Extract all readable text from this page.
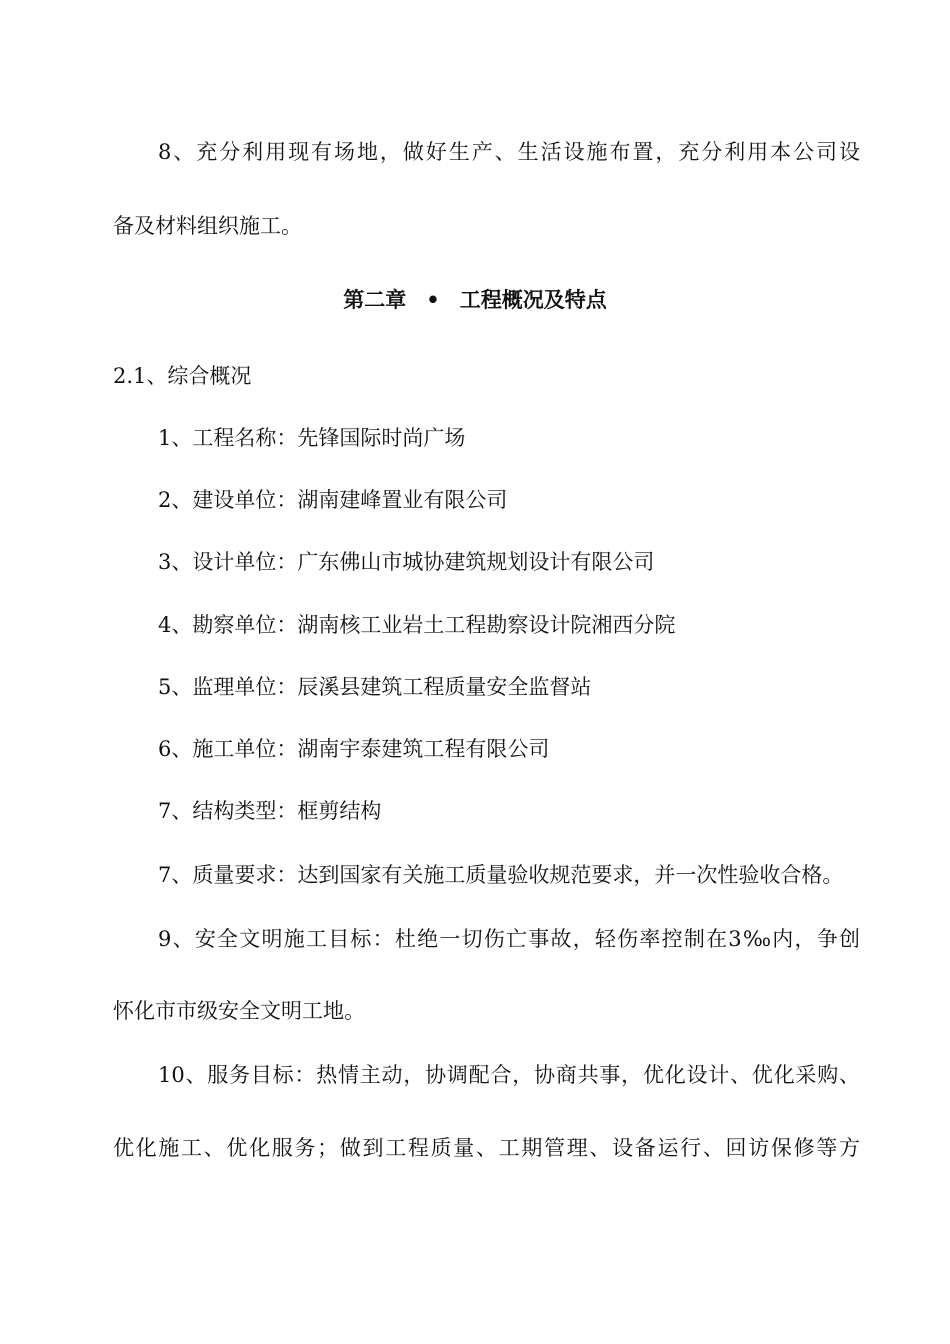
8、充分利用现有场地，做好生产、生活设施布置，充分利用本公司设
备及材料组织施工。
第二章 • 工程概况及特点
2.1、综合概况
1、工程名称：先锋国际时尚广场
2、建设单位：湖南建峰置业有限公司
3、设计单位：广东佛山市城协建筑规划设计有限公司
4、勘察单位：湖南核工业岩土工程勘察设计院湘西分院
5、监理单位：辰溪县建筑工程质量安全监督站
6、施工单位：湖南宇泰建筑工程有限公司
7、结构类型：框剪结构
7、质量要求：达到国家有关施工质量验收规范要求，并一次性验收合格。
9、安全文明施工目标：杜绝一切伤亡事故，轻伤率控制在3‰内，争创
怀化市市级安全文明工地。
10、服务目标：热情主动，协调配合，协商共事，优化设计、优化采购、
优化施工、优化服务；做到工程质量、工期管理、设备运行、回访保修等方
